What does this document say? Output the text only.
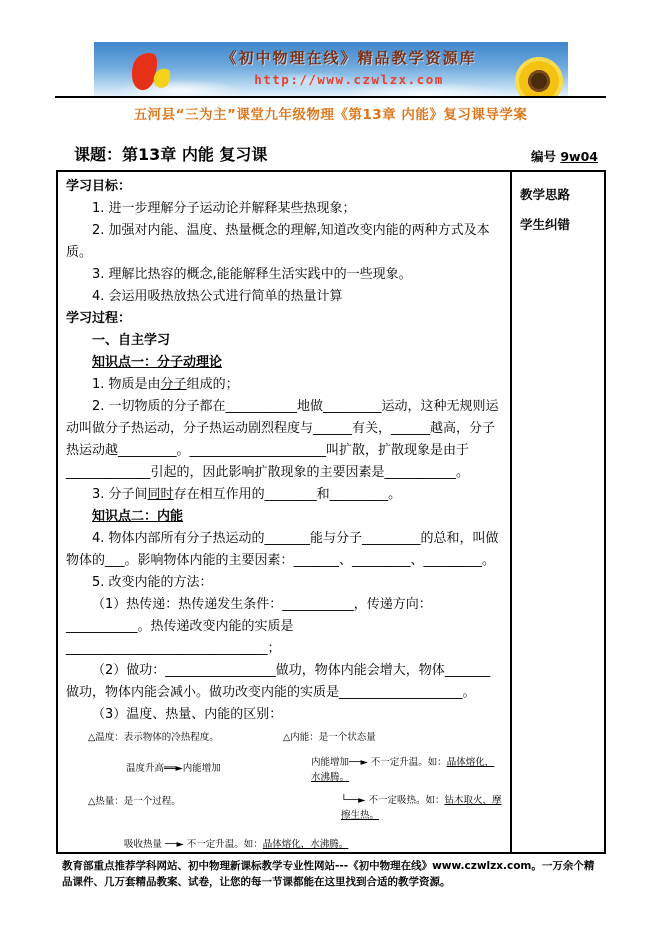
《初中物理在线》精品教学资源库
http://www.czwlzx.com
五河县“三为主”课堂九年级物理《第13章 内能》复习课导学案
课题：第13章 内能 复习课	编号 9w04

学习目标：

1. 进一步理解分子运动论并解释某些热现象；

2. 加强对内能、温度、热量概念的理解,知道改变内能的两种方式及本质。

3. 理解比热容的概念,能能解释生活实践中的一些现象。

4. 会运用吸热放热公式进行简单的热量计算

学习过程：

一、自主学习

知识点一：分子动理论

1. 物质是由分子组成的；

2. 一切物质的分子都在___________地做_________运动，这种无规则运动叫做分子热运动，分子热运动剧烈程度与______有关，______越高，分子热运动越_________。_____________________叫扩散，扩散现象是由于_____________引起的，因此影响扩散现象的主要因素是___________。

3. 分子间同时存在相互作用的________和_________。

知识点二：内能

4. 物体内部所有分子热运动的_______能与分子_________的总和，叫做物体的___。影响物体内能的主要因素：_______、_________、_________。

5. 改变内能的方法：

（1）热传递：热传递发生条件：___________，传递方向：___________。热传递改变内能的实质是_______________________________；

（2）做功：_________________做功，物体内能会增大，物体_______做功，物体内能会减小。做功改变内能的实质是___________________。

（3）温度、热量、内能的区别：

△温度：表示物体的冷热程度。

温度升高══►内能增加

△热量：是一个过程。

△内能：是一个状态量

内能增加──► 不一定升温。如：晶体熔化，水沸腾。

└──► 不一定吸热。如：钻木取火，摩擦生热。

吸收热量 ──► 不一定升温。如：晶体熔化，水沸腾。

教学思路
学生纠错
教育部重点推荐学科网站、初中物理新课标教学专业性网站---《初中物理在线》www.czwlzx.com。一万余个精品课件、几万套精品教案、试卷，让您的每一节课都能在这里找到合适的教学资源。
